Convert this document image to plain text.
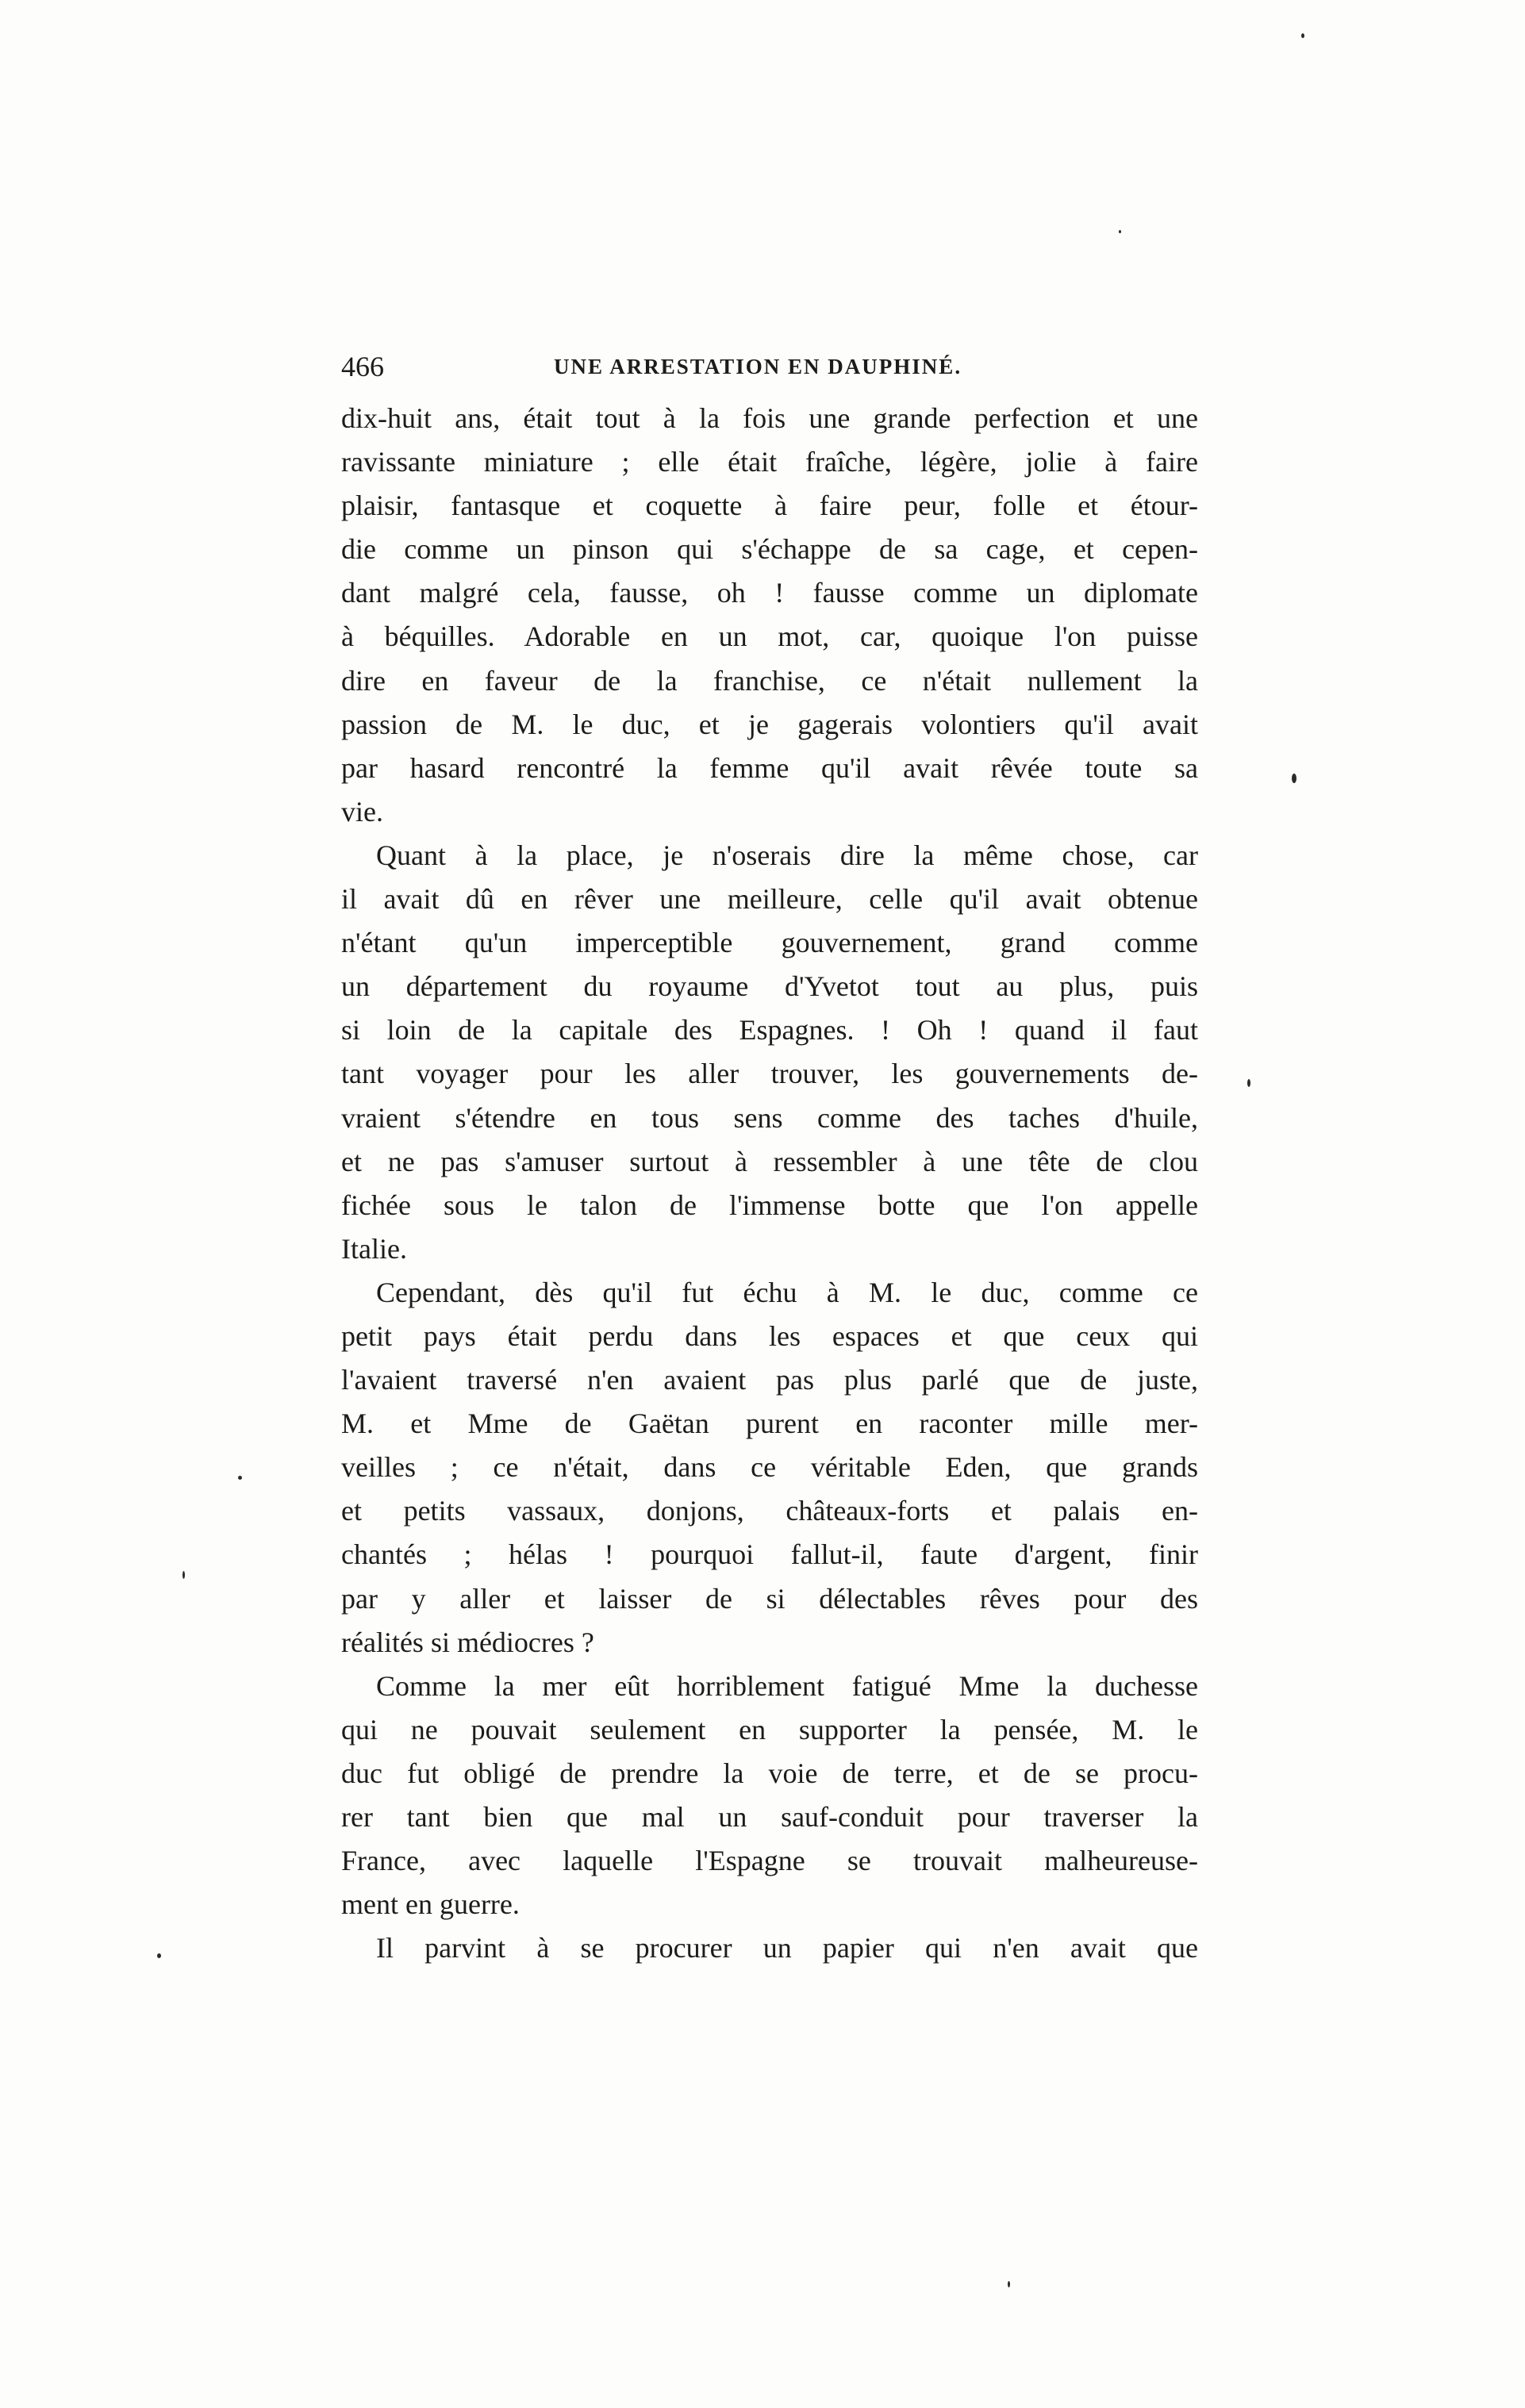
466	UNE ARRESTATION EN DAUPHINÉ.
dix-huit ans, était tout à la fois une grande perfection et une
ravissante miniature ; elle était fraîche, légère, jolie à faire
plaisir, fantasque et coquette à faire peur, folle et étour-
die comme un pinson qui s'échappe de sa cage, et cepen-
dant malgré cela, fausse, oh ! fausse comme un diplomate
à béquilles. Adorable en un mot, car, quoique l'on puisse
dire en faveur de la franchise, ce n'était nullement la
passion de M. le duc, et je gagerais volontiers qu'il avait
par hasard rencontré la femme qu'il avait rêvée toute sa
vie.
Quant à la place, je n'oserais dire la même chose, car
il avait dû en rêver une meilleure, celle qu'il avait obtenue
n'étant qu'un imperceptible gouvernement, grand comme
un département du royaume d'Yvetot tout au plus, puis
si loin de la capitale des Espagnes. ! Oh ! quand il faut
tant voyager pour les aller trouver, les gouvernements de-
vraient s'étendre en tous sens comme des taches d'huile,
et ne pas s'amuser surtout à ressembler à une tête de clou
fichée sous le talon de l'immense botte que l'on appelle
Italie.
Cependant, dès qu'il fut échu à M. le duc, comme ce
petit pays était perdu dans les espaces et que ceux qui
l'avaient traversé n'en avaient pas plus parlé que de juste,
M. et Mme de Gaëtan purent en raconter mille mer-
veilles ; ce n'était, dans ce véritable Eden, que grands
et petits vassaux, donjons, châteaux-forts et palais en-
chantés ; hélas ! pourquoi fallut-il, faute d'argent, finir
par y aller et laisser de si délectables rêves pour des
réalités si médiocres ?
Comme la mer eût horriblement fatigué Mme la duchesse
qui ne pouvait seulement en supporter la pensée, M. le
duc fut obligé de prendre la voie de terre, et de se procu-
rer tant bien que mal un sauf-conduit pour traverser la
France, avec laquelle l'Espagne se trouvait malheureuse-
ment en guerre.
Il parvint à se procurer un papier qui n'en avait que
